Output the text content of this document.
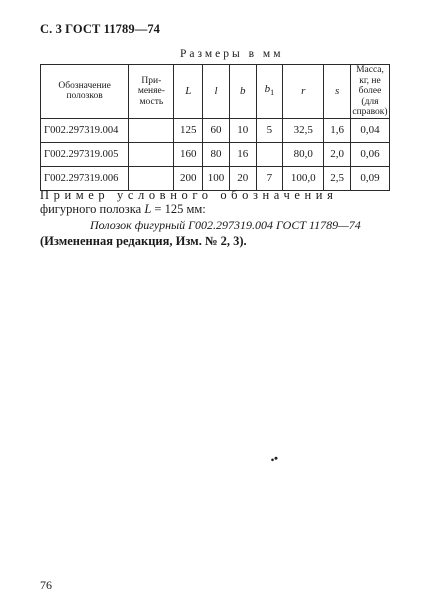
С. 3 ГОСТ 11789—74
Размеры в мм
Обозначение полозков	При-меняе-мость	L	l	b	$b_1$	r	s	Масса, кг, не более (для справок)
Г002.297319.004		125	60	10	5	32,5	1,6	0,04
Г002.297319.005		160	80	16		80,0	2,0	0,06
Г002.297319.006		200	100	20	7	100,0	2,5	0,09
Пример условного обозначения фигурного полозка L = 125 мм:
Полозок фигурный Г002.297319.004 ГОСТ 11789—74
(Измененная редакция, Изм. № 2, 3).
76
